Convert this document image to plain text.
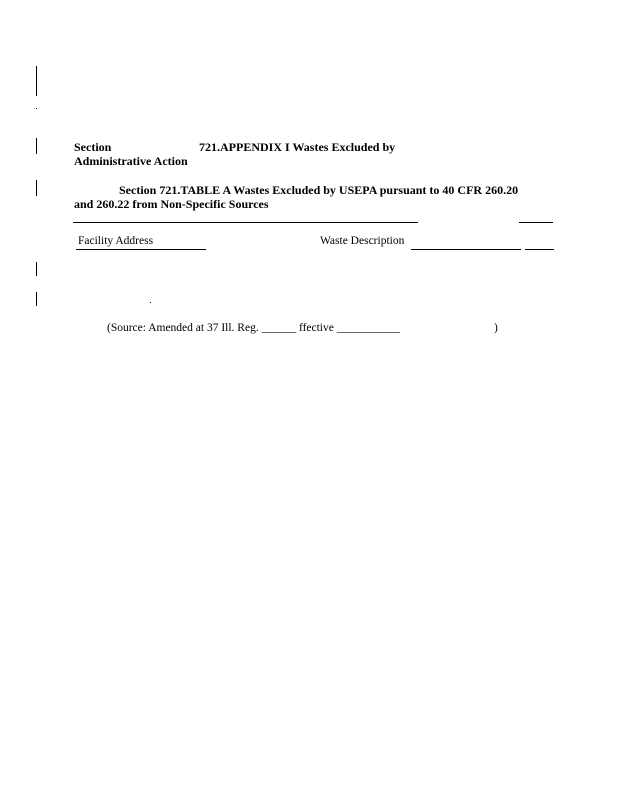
Section	721.APPENDIX I Wastes Excluded by
Administrative Action
Section 721.TABLE A Wastes Excluded by USEPA pursuant to 40 CFR 260.20
and 260.22 from Non-Specific Sources
Facility Address	Waste Description
(Source: Amended at 37 Ill. Reg. ______ ffective ___________	)
